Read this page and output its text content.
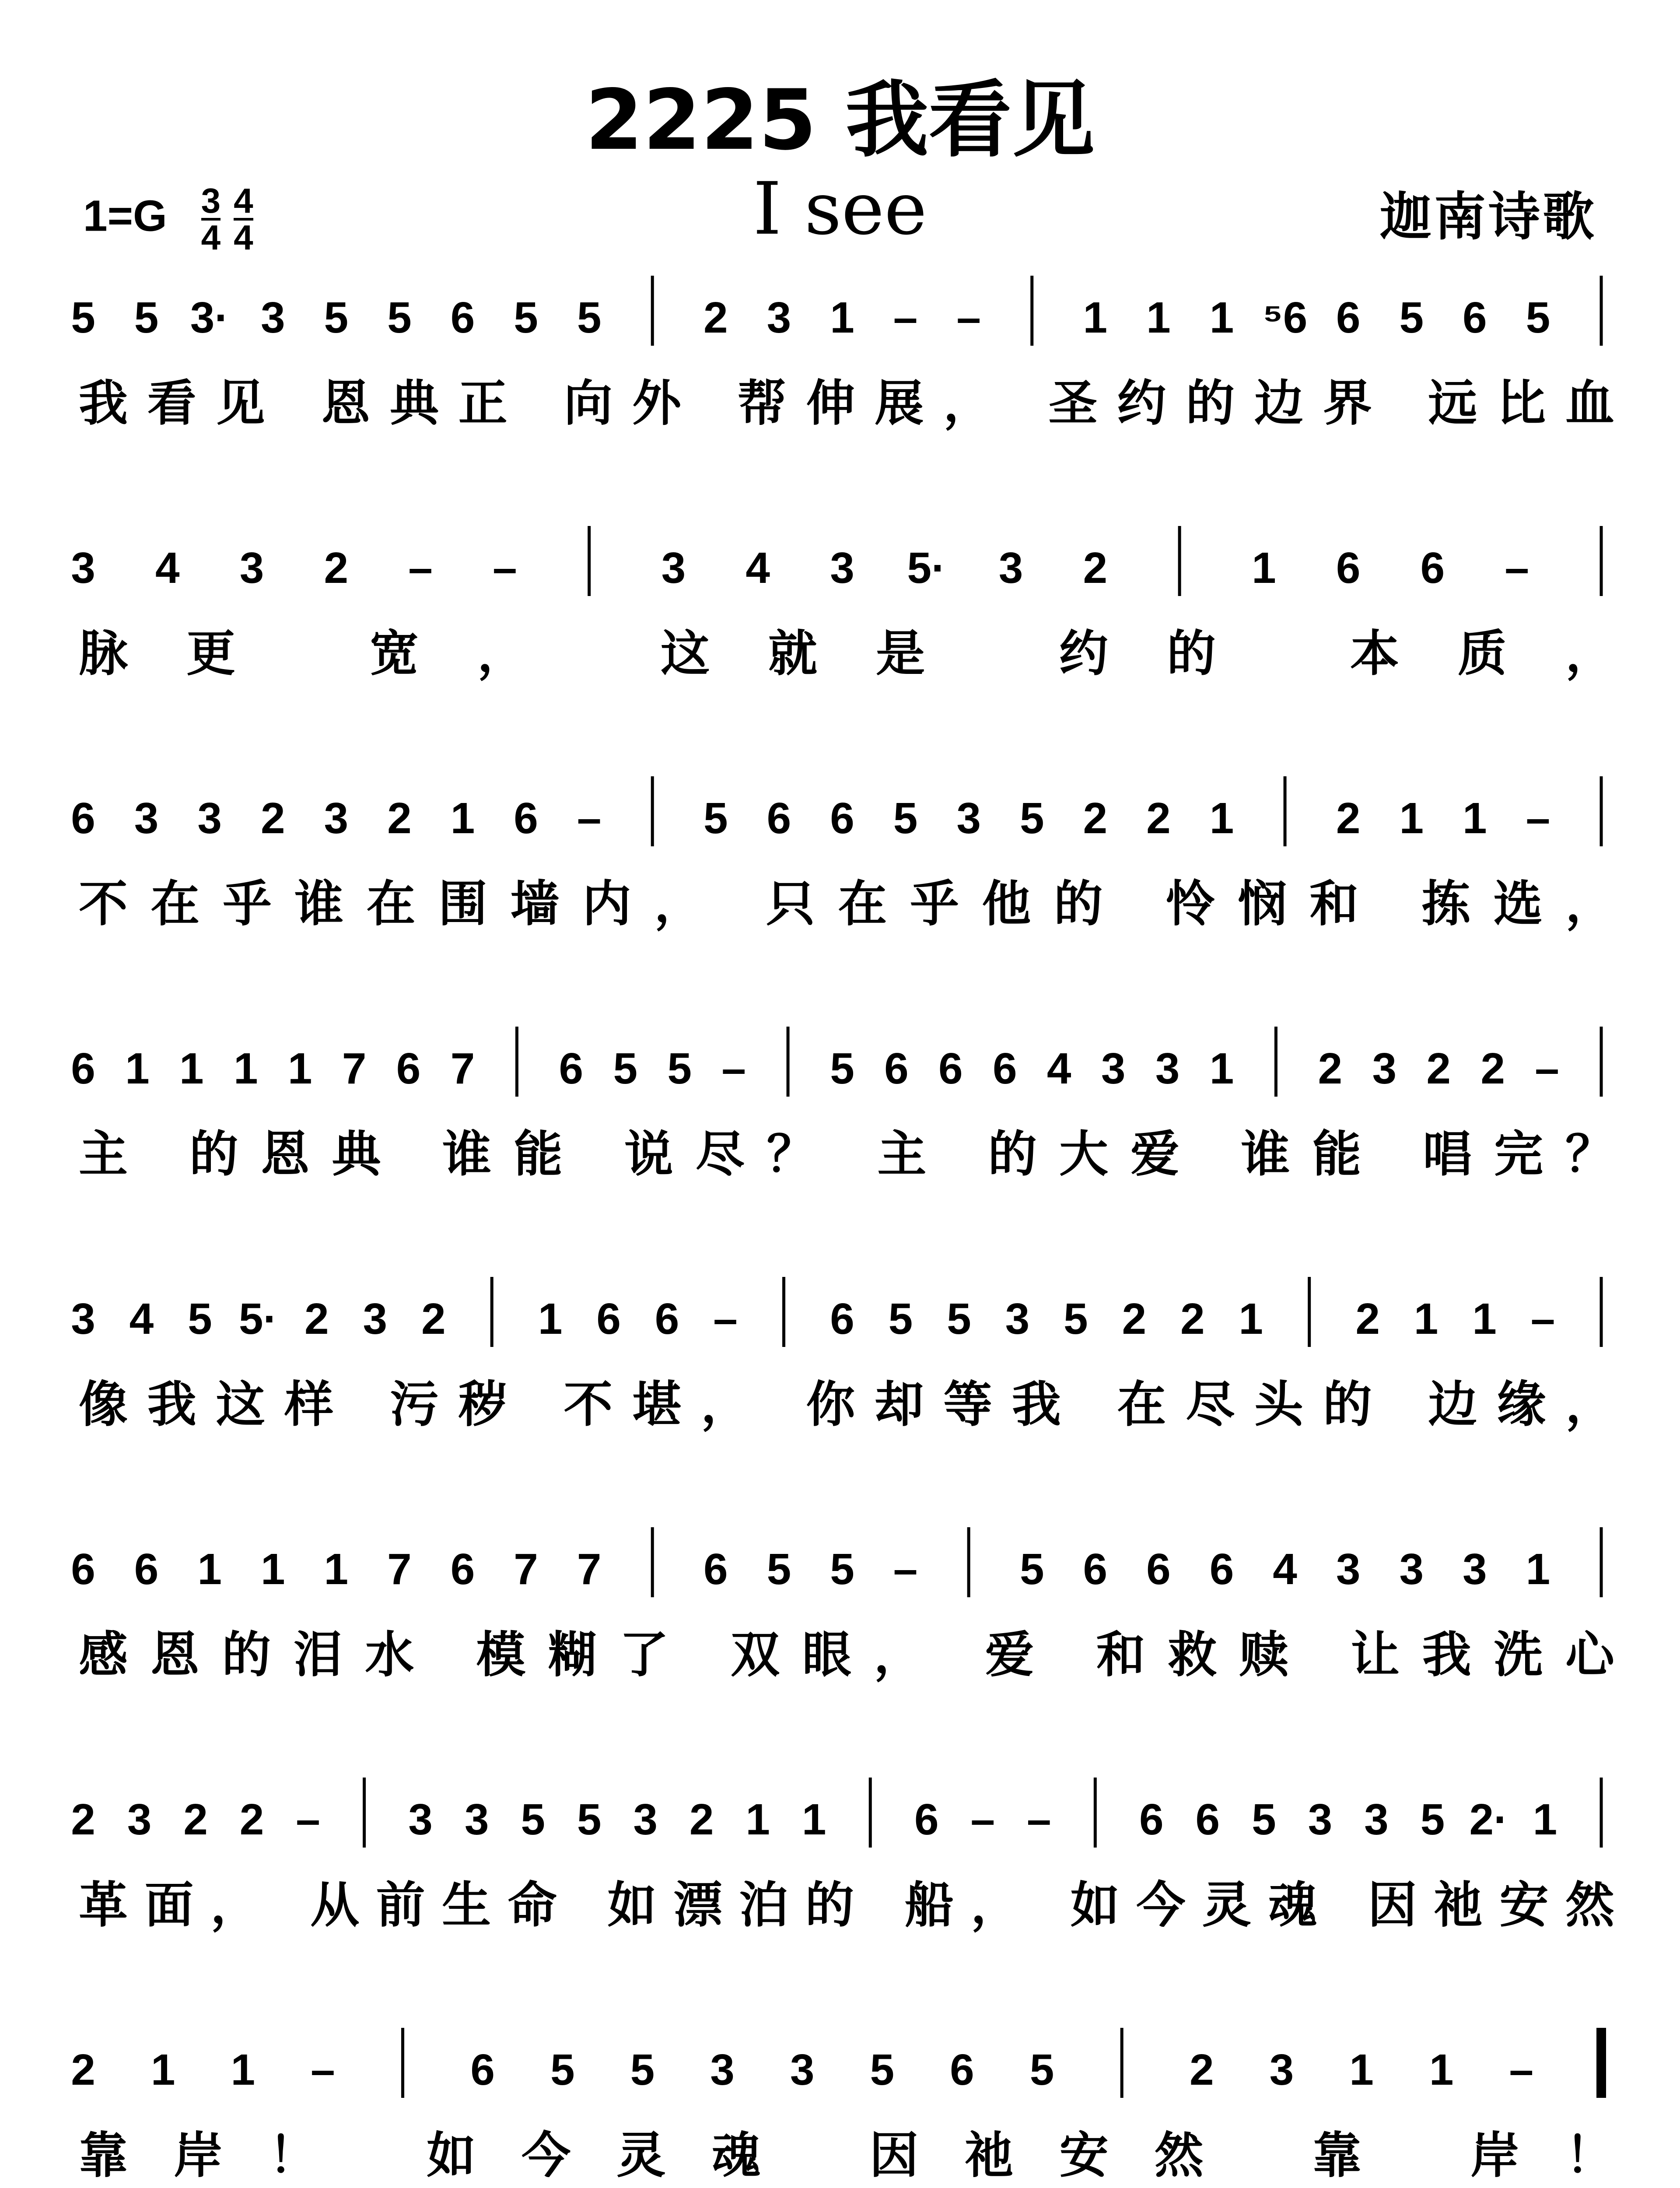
2225 我看见
I see
$1=G \frac{3}{4} \frac{4}{4}$	迦南诗歌
5 5 3· 3 5 5 6 5 5 2 3 1 – – 1 1 1 ⁵6 6 5 6 5
我看见 恩典正 向外 帮伸展， 圣约的边界 远比血
3 4 3 2 – –	3 4 3 5· 3 2	1 6 6 –
脉更 宽， 这就是 约的 本质，
6 3 3 2 3 2 1 6 – 5 6 6 5 3 5 2 2 1 2 1 1 –
不在乎谁在围墙内， 只在乎他的 怜悯和 拣选，
6 1 1 1 1 7 6 7 6 5 5 – 5 6 6 6 4 3 3 1 2 3 2 2 –
主 的恩典 谁能 说尽？ 主 的大爱 谁能 唱完？
3 4 5 5· 2 3 2 1 6 6 – 6 5 5 3 5 2 2 1 2 1 1 –
像我这样 污秽 不堪， 你却等我 在尽头的 边缘，
6 6 1 1 1 7 6 7 7 6 5 5 – 5 6 6 6 4 3 3 3 1
感恩的泪水 模糊了 双眼， 爱 和救赎 让我洗心
2 3 2 2 – 3 3 5 5 3 2 1 1 6 – – 6 6 5 3 3 5 2· 1
革面， 从前生命 如漂泊的 船， 如今灵魂 因祂安然
2 1 1 –	6 5 5 3 3 5 6 5	2 3 1 1 –
靠岸！ 如今灵魂 因祂安然 靠 岸！
